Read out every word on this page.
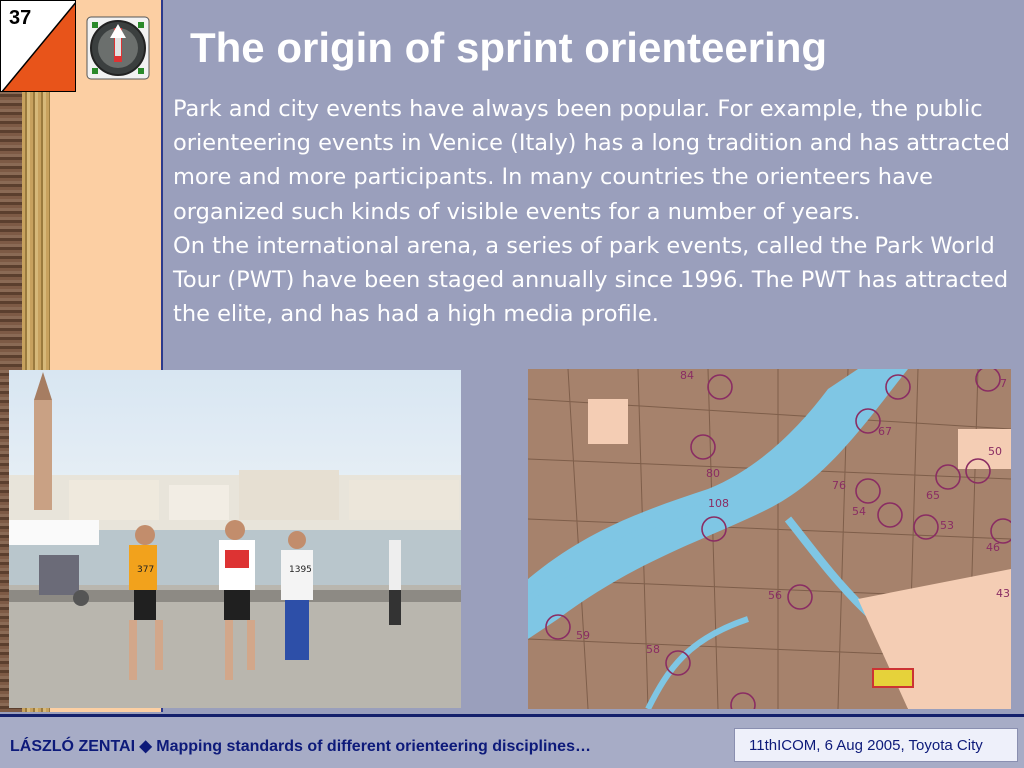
37
The origin of sprint orienteering

Park and city events have always been popular. For example, the public orienteering events in Venice (Italy) has a long tradition and has attracted more and more participants. In many countries the orienteers have organized such kinds of visible events for a number of years.

On the international arena, a series of park events, called the Park World Tour (PWT) have been staged annually since 1996. The PWT has attracted the elite, and has had a high media profile.

377	1395
84
67
80
108
76
54
65
53
50
46
43
56
59
58
7
LÁSZLÓ ZENTAI ◆ Mapping standards of different orienteering disciplines…	11thICOM, 6 Aug 2005, Toyota City
